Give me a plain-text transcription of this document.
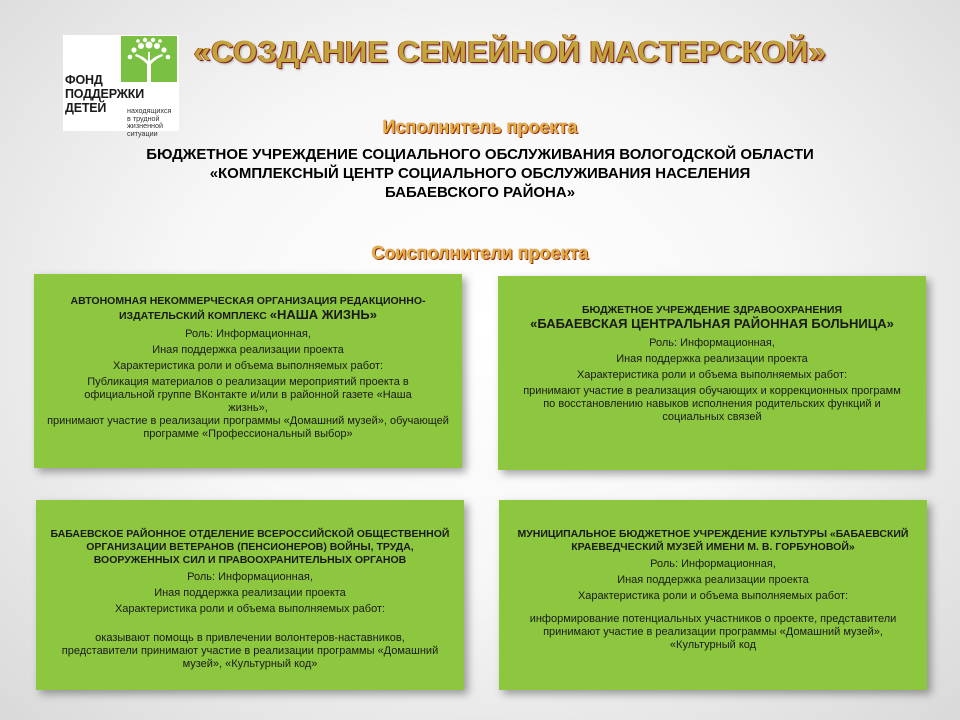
ФОНД
ПОДДЕРЖКИ
ДЕТЕЙ	находящихся
в трудной
жизненной
ситуации
«СОЗДАНИЕ СЕМЕЙНОЙ МАСТЕРСКОЙ»
Исполнитель проекта
БЮДЖЕТНОЕ УЧРЕЖДЕНИЕ СОЦИАЛЬНОГО ОБСЛУЖИВАНИЯ ВОЛОГОДСКОЙ ОБЛАСТИ
«КОМПЛЕКСНЫЙ ЦЕНТР СОЦИАЛЬНОГО ОБСЛУЖИВАНИЯ НАСЕЛЕНИЯ
БАБАЕВСКОГО РАЙОНА»
Соисполнители проекта
АВТОНОМНАЯ НЕКОММЕРЧЕСКАЯ ОРГАНИЗАЦИЯ РЕДАКЦИОННО-ИЗДАТЕЛЬСКИЙ КОМПЛЕКС «НАША ЖИЗНЬ»

Роль: Информационная,

Иная поддержка реализации проекта

Характеристика роли и объема выполняемых работ:

Публикация материалов о реализации мероприятий проекта в официальной группе ВКонтакте и/или в районной газете «Наша жизнь»,
принимают участие в реализации программы «Домашний музей», обучающей программе «Профессиональный выбор»
БЮДЖЕТНОЕ УЧРЕЖДЕНИЕ ЗДРАВООХРАНЕНИЯ
«БАБАЕВСКАЯ ЦЕНТРАЛЬНАЯ РАЙОННАЯ БОЛЬНИЦА»

Роль: Информационная,

Иная поддержка реализации проекта

Характеристика роли и объема выполняемых работ:

принимают участие в реализация обучающих и коррекционных программ по восстановлению навыков исполнения родительских функций и социальных связей
БАБАЕВСКОЕ РАЙОННОЕ ОТДЕЛЕНИЕ ВСЕРОССИЙСКОЙ ОБЩЕСТВЕННОЙ ОРГАНИЗАЦИИ ВЕТЕРАНОВ (ПЕНСИОНЕРОВ) ВОЙНЫ, ТРУДА, ВООРУЖЕННЫХ СИЛ И ПРАВООХРАНИТЕЛЬНЫХ ОРГАНОВ

Роль: Информационная,

Иная поддержка реализации проекта

Характеристика роли и объема выполняемых работ:

оказывают помощь в привлечении волонтеров-наставников, представители принимают участие в реализации программы «Домашний музей», «Культурный код»
МУНИЦИПАЛЬНОЕ БЮДЖЕТНОЕ УЧРЕЖДЕНИЕ КУЛЬТУРЫ «БАБАЕВСКИЙ КРАЕВЕДЧЕСКИЙ МУЗЕЙ ИМЕНИ М. В. ГОРБУНОВОЙ»

Роль: Информационная,

Иная поддержка реализации проекта

Характеристика роли и объема выполняемых работ:

информирование потенциальных участников о проекте, представители принимают участие в реализации программы «Домашний музей», «Культурный код
